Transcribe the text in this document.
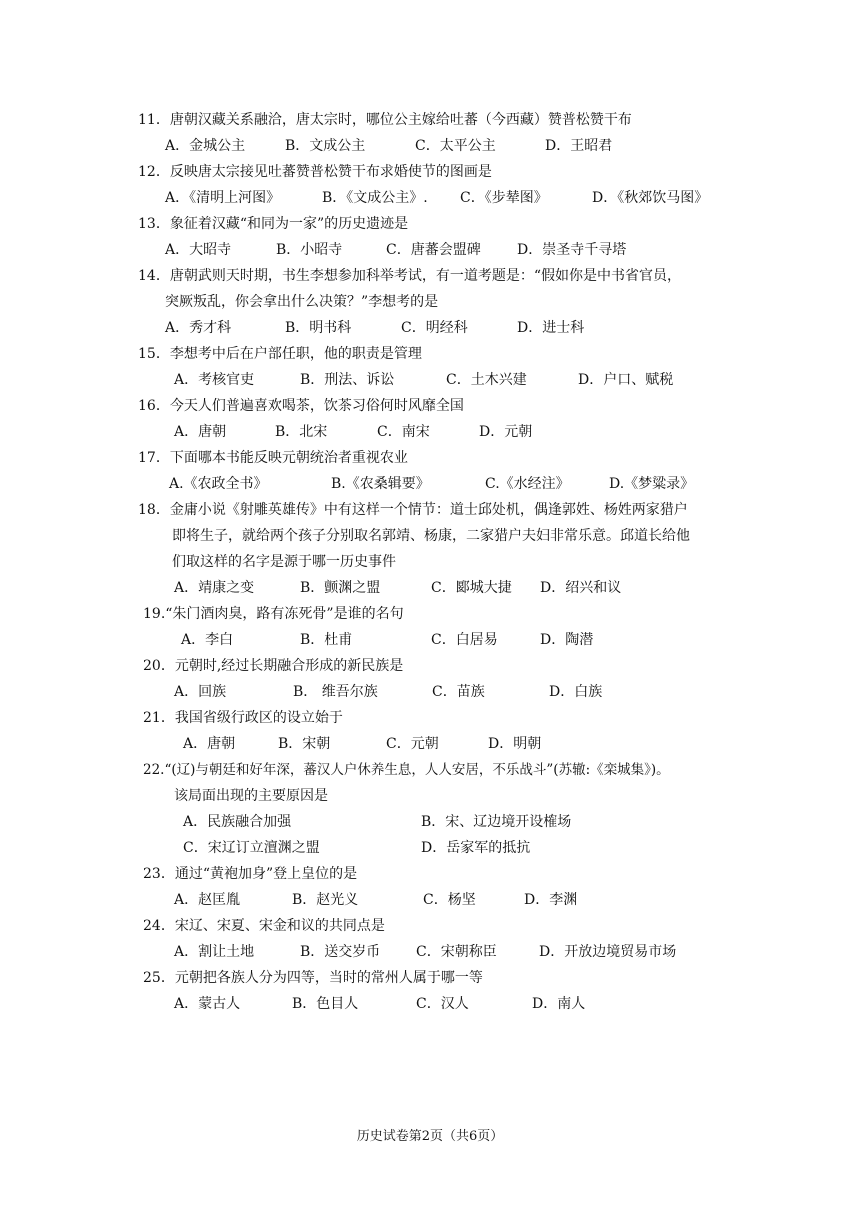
11．唐朝汉藏关系融洽，唐太宗时，哪位公主嫁给吐蕃（今西藏）赞普松赞干布
A．金城公主	B．文成公主	C．太平公主	D．王昭君
12．反映唐太宗接见吐蕃赞普松赞干布求婚使节的图画是
A．《清明上河图》	B．《文成公主》. C．《步辇图》	D．《秋郊饮马图》
13．象征着汉藏“和同为一家”的历史遗迹是
A．大昭寺	B．小昭寺	C．唐蕃会盟碑	D．崇圣寺千寻塔
14．唐朝武则天时期，书生李想参加科举考试，有一道考题是：“假如你是中书省官员，
突厥叛乱，你会拿出什么决策？”李想考的是
A．秀才科	B．明书科	C．明经科	D．进士科
15．李想考中后在户部任职，他的职责是管理
A．考核官吏	B．刑法、诉讼	C．土木兴建	D．户口、赋税
16．今天人们普遍喜欢喝茶，饮茶习俗何时风靡全国
A．唐朝	B．北宋	C．南宋	D．元朝
17．下面哪本书能反映元朝统治者重视农业
A.《农政全书》	B.《农桑辑要》	C.《水经注》	D.《梦粱录》
18．金庸小说《射雕英雄传》中有这样一个情节：道士邱处机，偶逢郭姓、杨姓两家猎户
即将生子，就给两个孩子分别取名郭靖、杨康，二家猎户夫妇非常乐意。邱道长给他
们取这样的名字是源于哪一历史事件
A．靖康之变	B．颤渊之盟	C．郾城大捷 D．绍兴和议
19.“朱门酒肉臭，路有冻死骨”是谁的名句
A．李白	B．杜甫	C．白居易	D．陶潜
20．元朝时,经过长期融合形成的新民族是
A．回族	B． 维吾尔族	C．苗族	D．白族
21．我国省级行政区的设立始于
A．唐朝	B．宋朝	C．元朝	D．明朝
22.“(辽)与朝廷和好年深，蕃汉人户休养生息，人人安居，不乐战斗”(苏辙:《栾城集》)。
该局面出现的主要原因是
A．民族融合加强	B．宋、辽边境开设榷场
C．宋辽订立澶渊之盟	D．岳家军的抵抗
23．通过“黄袍加身”登上皇位的是
A．赵匡胤	B．赵光义	C．杨坚	D．李渊
24．宋辽、宋夏、宋金和议的共同点是
A．割让土地	B．送交岁币	C．宋朝称臣	D．开放边境贸易市场
25．元朝把各族人分为四等，当时的常州人属于哪一等
A．蒙古人	B．色目人	C．汉人	D．南人
历史试卷第2页（共6页）
